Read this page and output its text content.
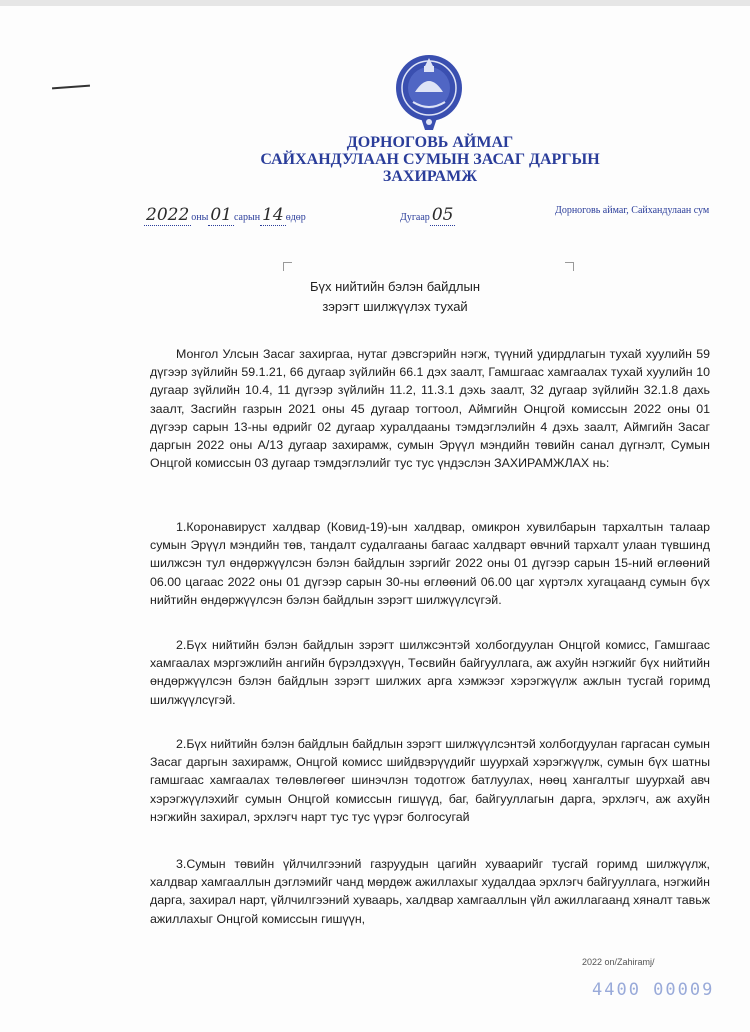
ДОРНОГОВЬ АЙМАГ
САЙХАНДУЛААН СУМЫН ЗАСАГ ДАРГЫН
ЗАХИРАМЖ
2022 оны 01 сарын 14 өдөр	Дугаар 05	Дорноговь аймаг, Сайхандулаан сум
Бүх нийтийн бэлэн байдлын
зэрэгт шилжүүлэх тухай

Монгол Улсын Засаг захиргаа, нутаг дэвсгэрийн нэгж, түүний удирдлагын тухай хуулийн 59 дүгээр зүйлийн 59.1.21, 66 дугаар зүйлийн 66.1 дэх заалт, Гамшгаас хамгаалах тухай хуулийн 10 дугаар зүйлийн 10.4, 11 дүгээр зүйлийн 11.2, 11.3.1 дэхь заалт, 32 дугаар зүйлийн 32.1.8 дахь заалт, Засгийн газрын 2021 оны 45 дугаар тогтоол, Аймгийн Онцгой комиссын 2022 оны 01 дүгээр сарын 13-ны өдрийг 02 дугаар хуралдааны тэмдэглэлийн 4 дэхь заалт, Аймгийн Засаг даргын 2022 оны А/13 дугаар захирамж, сумын Эрүүл мэндийн төвийн санал дүгнэлт, Сумын Онцгой комиссын 03 дугаар тэмдэглэлийг тус тус үндэслэн ЗАХИРАМЖЛАХ нь:

1.Коронавируст халдвар (Ковид-19)-ын халдвар, омикрон хувилбарын тархалтын талаар сумын Эрүүл мэндийн төв, тандалт судалгааны багаас халдварт өвчний тархалт улаан түвшинд шилжсэн тул өндөржүүлсэн бэлэн байдлын зэргийг 2022 оны 01 дүгээр сарын 15-ний өглөөний 06.00 цагаас 2022 оны 01 дүгээр сарын 30-ны өглөөний 06.00 цаг хүртэлх хугацаанд сумын бүх нийтийн өндөржүүлсэн бэлэн байдлын зэрэгт шилжүүлсүгэй.

2.Бүх нийтийн бэлэн байдлын зэрэгт шилжсэнтэй холбогдуулан Онцгой комисс, Гамшгаас хамгаалах мэргэжлийн ангийн бүрэлдэхүүн, Төсвийн байгууллага, аж ахуйн нэгжийг бүх нийтийн өндөржүүлсэн бэлэн байдлын зэрэгт шилжих арга хэмжээг хэрэгжүүлж ажлын тусгай горимд шилжүүлсүгэй.

2.Бүх нийтийн бэлэн байдлын байдлын зэрэгт шилжүүлсэнтэй холбогдуулан гаргасан сумын Засаг даргын захирамж, Онцгой комисс шийдвэрүүдийг шуурхай хэрэгжүүлж, сумын бүх шатны гамшгаас хамгаалах төлөвлөгөөг шинэчлэн тодотгож батлуулах, нөөц хангалтыг шуурхай авч хэрэгжүүлэхийг сумын Онцгой комиссын гишүүд, баг, байгууллагын дарга, эрхлэгч, аж ахуйн нэгжийн захирал, эрхлэгч нарт тус тус үүрэг болгосугай

3.Сумын төвийн үйлчилгээний газруудын цагийн хуваарийг тусгай горимд шилжүүлж, халдвар хамгааллын дэглэмийг чанд мөрдөж ажиллахыг худалдаа эрхлэгч байгууллага, нэгжийн дарга, захирал нарт, үйлчилгээний хуваарь, халдвар хамгааллын үйл ажиллагаанд хяналт тавьж ажиллахыг Онцгой комиссын гишүүн,

2022 on/Zahiramj/
4400 00009
